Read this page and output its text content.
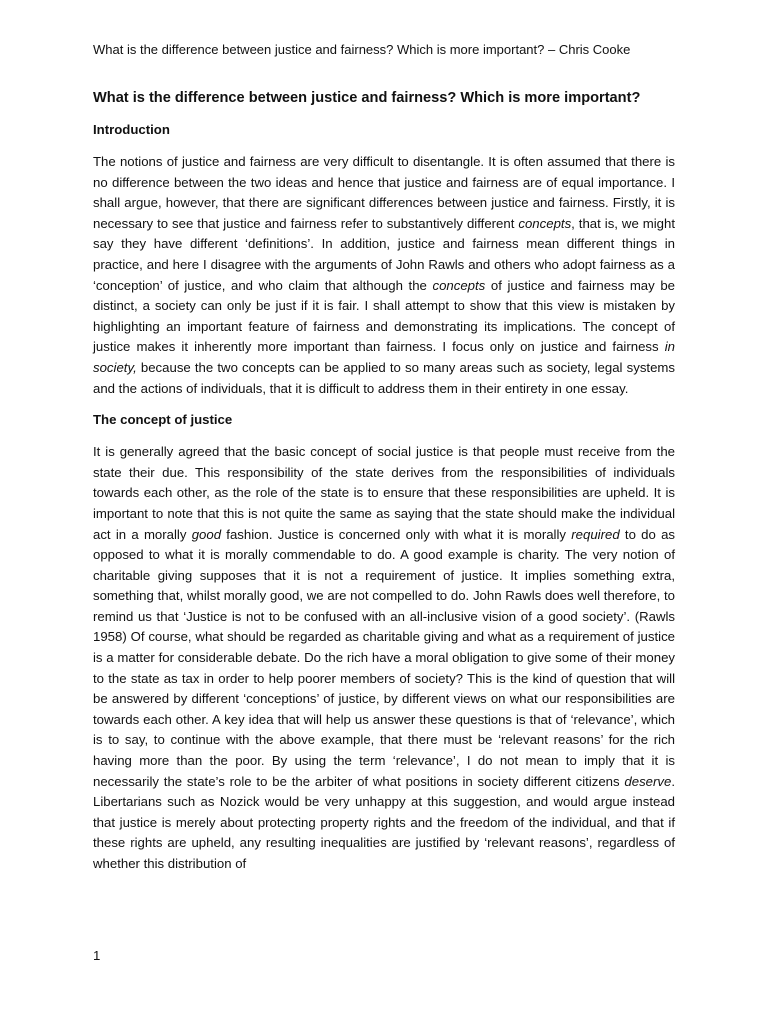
What is the difference between justice and fairness? Which is more important? – Chris Cooke
What is the difference between justice and fairness? Which is more important?
Introduction

The notions of justice and fairness are very difficult to disentangle. It is often assumed that there is no difference between the two ideas and hence that justice and fairness are of equal importance. I shall argue, however, that there are significant differences between justice and fairness. Firstly, it is necessary to see that justice and fairness refer to substantively different concepts, that is, we might say they have different ‘definitions’. In addition, justice and fairness mean different things in practice, and here I disagree with the arguments of John Rawls and others who adopt fairness as a ‘conception’ of justice, and who claim that although the concepts of justice and fairness may be distinct, a society can only be just if it is fair. I shall attempt to show that this view is mistaken by highlighting an important feature of fairness and demonstrating its implications. The concept of justice makes it inherently more important than fairness. I focus only on justice and fairness in society, because the two concepts can be applied to so many areas such as society, legal systems and the actions of individuals, that it is difficult to address them in their entirety in one essay.

The concept of justice

It is generally agreed that the basic concept of social justice is that people must receive from the state their due. This responsibility of the state derives from the responsibilities of individuals towards each other, as the role of the state is to ensure that these responsibilities are upheld. It is important to note that this is not quite the same as saying that the state should make the individual act in a morally good fashion. Justice is concerned only with what it is morally required to do as opposed to what it is morally commendable to do. A good example is charity. The very notion of charitable giving supposes that it is not a requirement of justice. It implies something extra, something that, whilst morally good, we are not compelled to do. John Rawls does well therefore, to remind us that ‘Justice is not to be confused with an all-inclusive vision of a good society’. (Rawls 1958) Of course, what should be regarded as charitable giving and what as a requirement of justice is a matter for considerable debate. Do the rich have a moral obligation to give some of their money to the state as tax in order to help poorer members of society? This is the kind of question that will be answered by different ‘conceptions’ of justice, by different views on what our responsibilities are towards each other. A key idea that will help us answer these questions is that of ‘relevance’, which is to say, to continue with the above example, that there must be ‘relevant reasons’ for the rich having more than the poor. By using the term ‘relevance’, I do not mean to imply that it is necessarily the state’s role to be the arbiter of what positions in society different citizens deserve. Libertarians such as Nozick would be very unhappy at this suggestion, and would argue instead that justice is merely about protecting property rights and the freedom of the individual, and that if these rights are upheld, any resulting inequalities are justified by ‘relevant reasons’, regardless of whether this distribution of

1
